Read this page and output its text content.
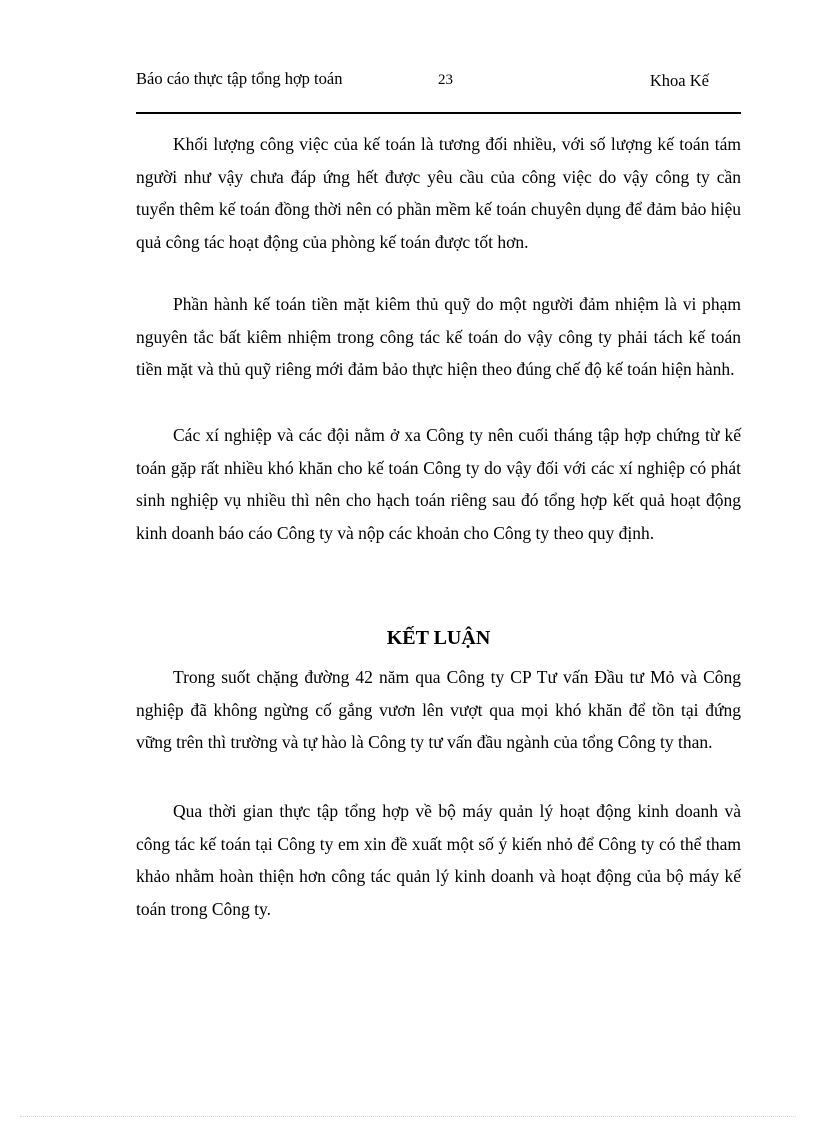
Báo cáo thực tập tổng hợp toán	23	Khoa Kế

Khối lượng công việc của kế toán là tương đối nhiều, với số lượng kế toán tám người như vậy chưa đáp ứng hết được yêu cầu của công việc do vậy công ty cần tuyển thêm kế toán đồng thời nên có phần mềm kế toán chuyên dụng để đảm bảo hiệu quả công tác hoạt động của phòng kế toán được tốt hơn.

Phần hành kế toán tiền mặt kiêm thủ quỹ do một người đảm nhiệm là vi phạm nguyên tắc bất kiêm nhiệm trong công tác kế toán do vậy công ty phải tách kế toán tiền mặt và thủ quỹ riêng mới đảm bảo thực hiện theo đúng chế độ kế toán hiện hành.

Các xí nghiệp và các đội nằm ở xa Công ty nên cuối tháng tập hợp chứng từ kế toán gặp rất nhiều khó khăn cho kế toán Công ty do vậy đối với các xí nghiệp có phát sinh nghiệp vụ nhiều thì nên cho hạch toán riêng sau đó tổng hợp kết quả hoạt động kinh doanh báo cáo Công ty và nộp các khoản cho Công ty theo quy định.

KẾT LUẬN

Trong suốt chặng đường 42 năm qua Công ty CP Tư vấn Đầu tư Mỏ và Công nghiệp đã không ngừng cố gắng vươn lên vượt qua mọi khó khăn để tồn tại đứng vững trên thì trường và tự hào là Công ty tư vấn đầu ngành của tổng Công ty than.

Qua thời gian thực tập tổng hợp về bộ máy quản lý hoạt động kinh doanh và công tác kế toán tại Công ty em xin đề xuất một số ý kiến nhỏ để Công ty có thể tham khảo nhằm hoàn thiện hơn công tác quản lý kinh doanh và hoạt động của bộ máy kế toán trong Công ty.
